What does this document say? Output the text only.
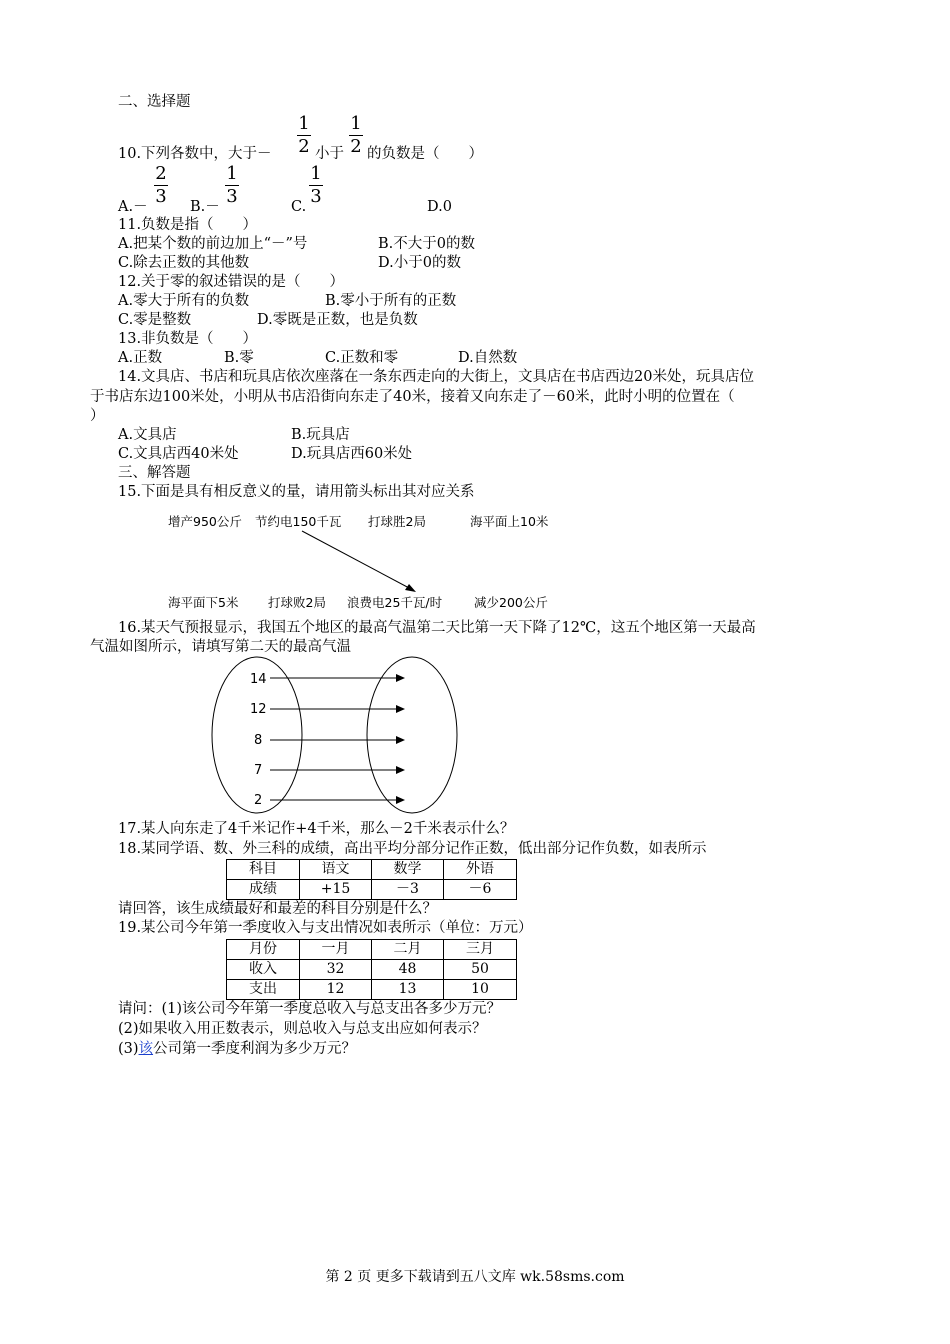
二、选择题
1
2
1
2
10.下列各数中，大于－	小于 的负数是（　　）
2
3
1
3
1
3
A.－	B.－	C.	D.0
11.负数是指（　　）
A.把某个数的前边加上“－”号	B.不大于0的数
C.除去正数的其他数	D.小于0的数
12.关于零的叙述错误的是（　　）
A.零大于所有的负数	B.零小于所有的正数
C.零是整数	D.零既是正数，也是负数
13.非负数是（　　）
A.正数	B.零	C.正数和零	D.自然数
14.文具店、书店和玩具店依次座落在一条东西走向的大街上，文具店在书店西边20米处，玩具店位
于书店东边100米处，小明从书店沿街向东走了40米，接着又向东走了－60米，此时小明的位置在（
）
A.文具店	B.玩具店
C.文具店西40米处	D.玩具店西60米处
三、解答题
15.下面是具有相反意义的量，请用箭头标出其对应关系
增产950公斤 节约电150千瓦 打球胜2局	海平面上10米
海平面下5米 打球败2局 浪费电25千瓦/时	减少200公斤
16.某天气预报显示，我国五个地区的最高气温第二天比第一天下降了12℃，这五个地区第一天最高
气温如图所示，请填写第二天的最高气温
14
12
8
7
2
17.某人向东走了4千米记作+4千米，那么－2千米表示什么？
18.某同学语、数、外三科的成绩，高出平均分部分记作正数，低出部分记作负数，如表所示
科目	语文	数学	外语
成绩	+15	－3	－6
请回答，该生成绩最好和最差的科目分别是什么？
19.某公司今年第一季度收入与支出情况如表所示（单位：万元）
月份	一月	二月	三月
收入	32	48	50
支出	12	13	10
请问：(1)该公司今年第一季度总收入与总支出各多少万元？
(2)如果收入用正数表示，则总收入与总支出应如何表示？
(3)该公司第一季度利润为多少万元？
第 2 页 更多下载请到五八文库 wk.58sms.com
